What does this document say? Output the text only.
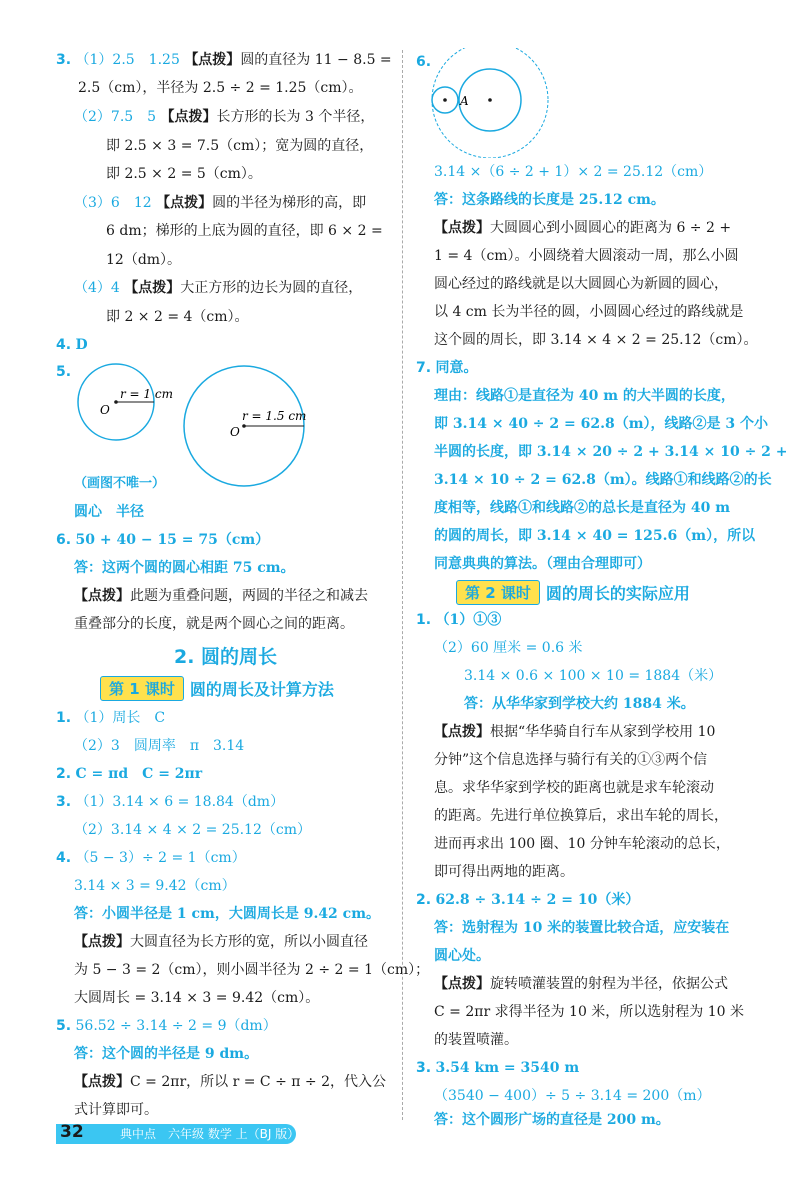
3. （1）2.5　1.25 【点拨】圆的直径为 11 − 8.5 =
2.5（cm），半径为 2.5 ÷ 2 = 1.25（cm）。
（2）7.5　5 【点拨】长方形的长为 3 个半径，
即 2.5 × 3 = 7.5（cm）；宽为圆的直径，
即 2.5 × 2 = 5（cm）。
（3）6　12 【点拨】圆的半径为梯形的高，即
6 dm；梯形的上底为圆的直径，即 6 × 2 =
12（dm）。
（4）4 【点拨】大正方形的边长为圆的直径，
即 2 × 2 = 4（cm）。
4. D
5.
r = 1 cm
O	r = 1.5 cm
O
（画图不唯一）
圆心　半径
6. 50 + 40 − 15 = 75（cm）
答：这两个圆的圆心相距 75 cm。
【点拨】此题为重叠问题，两圆的半径之和减去
重叠部分的长度，就是两个圆心之间的距离。
2. 圆的周长
第 1 课时 圆的周长及计算方法
1. （1）周长　C
（2）3　圆周率　π　3.14
2. C = πd　C = 2πr
3. （1）3.14 × 6 = 18.84（dm）
（2）3.14 × 4 × 2 = 25.12（cm）
4. （5 − 3）÷ 2 = 1（cm）
3.14 × 3 = 9.42（cm）
答：小圆半径是 1 cm，大圆周长是 9.42 cm。
【点拨】大圆直径为长方形的宽，所以小圆直径
为 5 − 3 = 2（cm），则小圆半径为 2 ÷ 2 = 1（cm）；
大圆周长 = 3.14 × 3 = 9.42（cm）。
5. 56.52 ÷ 3.14 ÷ 2 = 9（dm）
答：这个圆的半径是 9 dm。
【点拨】C = 2πr，所以 r = C ÷ π ÷ 2，代入公
式计算即可。
6.
A
3.14 ×（6 ÷ 2 + 1）× 2 = 25.12（cm）
答：这条路线的长度是 25.12 cm。
【点拨】大圆圆心到小圆圆心的距离为 6 ÷ 2 +
1 = 4（cm）。小圆绕着大圆滚动一周，那么小圆
圆心经过的路线就是以大圆圆心为新圆的圆心，
以 4 cm 长为半径的圆，小圆圆心经过的路线就是
这个圆的周长，即 3.14 × 4 × 2 = 25.12（cm）。
7. 同意。
理由：线路①是直径为 40 m 的大半圆的长度，
即 3.14 × 40 ÷ 2 = 62.8（m），线路②是 3 个小
半圆的长度，即 3.14 × 20 ÷ 2 + 3.14 × 10 ÷ 2 +
3.14 × 10 ÷ 2 = 62.8（m）。线路①和线路②的长
度相等，线路①和线路②的总长是直径为 40 m
的圆的周长，即 3.14 × 40 = 125.6（m），所以
同意典典的算法。（理由合理即可）
第 2 课时 圆的周长的实际应用
1. （1）①③
（2）60 厘米 = 0.6 米
3.14 × 0.6 × 100 × 10 = 1884（米）
答：从华华家到学校大约 1884 米。
【点拨】根据“华华骑自行车从家到学校用 10
分钟”这个信息选择与骑行有关的①③两个信
息。求华华家到学校的距离也就是求车轮滚动
的距离。先进行单位换算后，求出车轮的周长，
进而再求出 100 圈、10 分钟车轮滚动的总长，
即可得出两地的距离。
2. 62.8 ÷ 3.14 ÷ 2 = 10（米）
答：选射程为 10 米的装置比较合适，应安装在
圆心处。
【点拨】旋转喷灌装置的射程为半径，依据公式
C = 2πr 求得半径为 10 米，所以选射程为 10 米
的装置喷灌。
3. 3.54 km = 3540 m
（3540 − 400）÷ 5 ÷ 3.14 = 200（m）
答：这个圆形广场的直径是 200 m。
32	典中点　六年级 数学 上（BJ 版）
